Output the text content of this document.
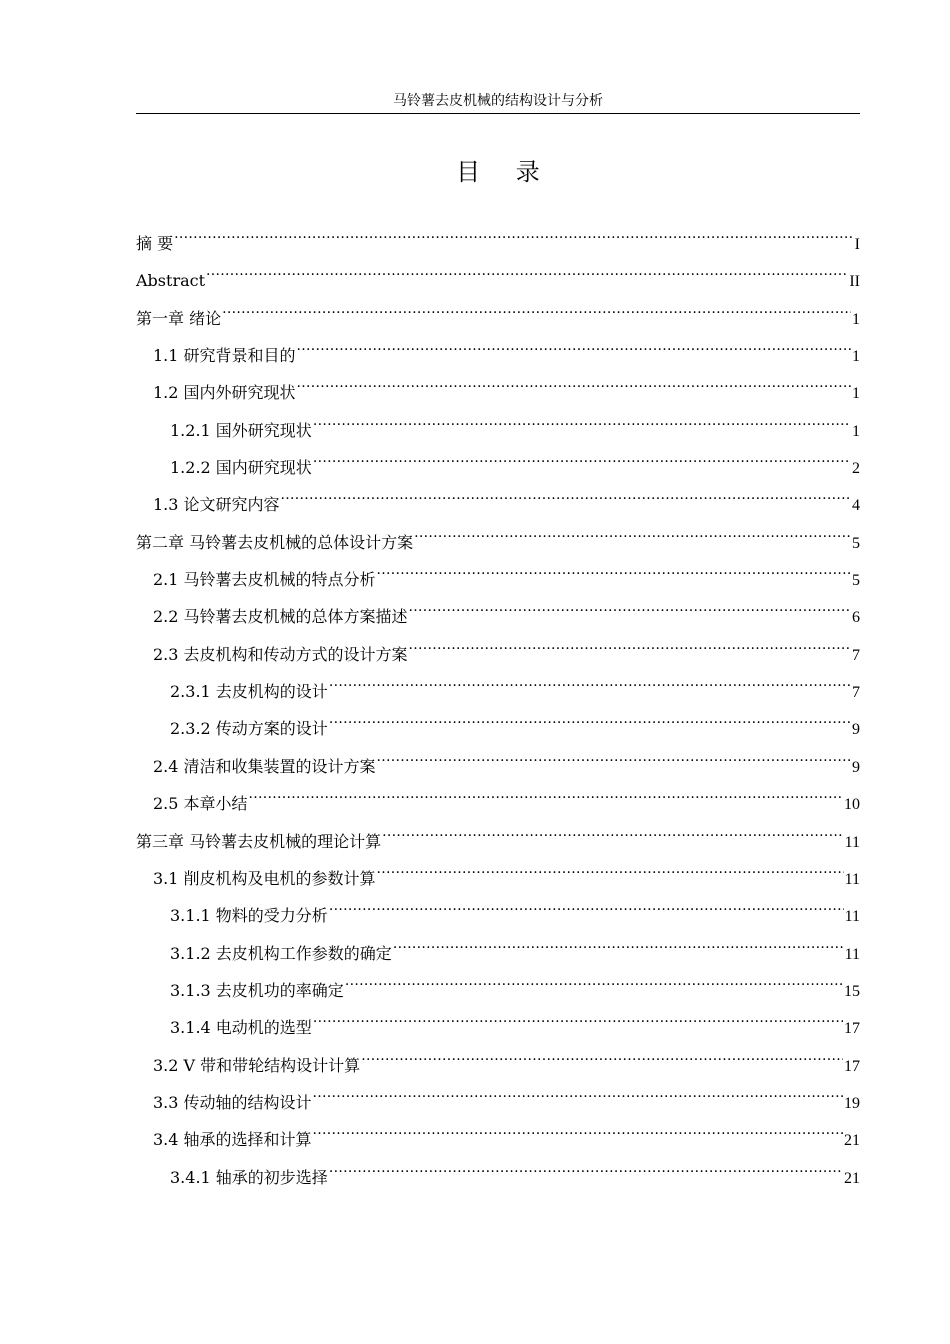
马铃薯去皮机械的结构设计与分析
目 录
摘 要 .....	I
Abstract .....	II
第一章 绪论 .....	1
1.1 研究背景和目的 .....	1
1.2 国内外研究现状 .....	1
1.2.1 国外研究现状 .....	1
1.2.2 国内研究现状 .....	2
1.3 论文研究内容 .....	4
第二章 马铃薯去皮机械的总体设计方案 .....	5
2.1 马铃薯去皮机械的特点分析 .....	5
2.2 马铃薯去皮机械的总体方案描述 .....	6
2.3 去皮机构和传动方式的设计方案 .....	7
2.3.1 去皮机构的设计 .....	7
2.3.2 传动方案的设计 .....	9
2.4 清洁和收集装置的设计方案 .....	9
2.5 本章小结 .....	10
第三章 马铃薯去皮机械的理论计算 .....	11
3.1 削皮机构及电机的参数计算 .....	11
3.1.1 物料的受力分析 .....	11
3.1.2 去皮机构工作参数的确定 .....	11
3.1.3 去皮机功的率确定 .....	15
3.1.4 电动机的选型 .....	17
3.2 V 带和带轮结构设计计算 .....	17
3.3 传动轴的结构设计 .....	19
3.4 轴承的选择和计算 .....	21
3.4.1 轴承的初步选择 .....	21
